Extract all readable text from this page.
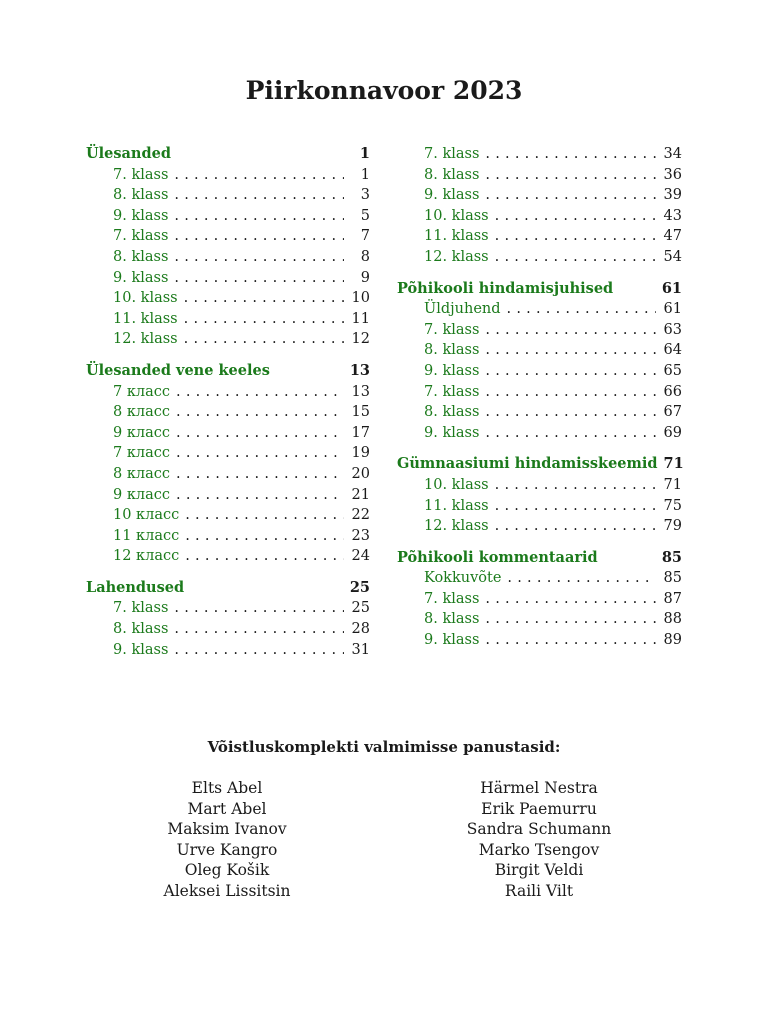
Piirkonnavoor 2023
Ülesanded	1
7. klass . . .	1
8. klass . . .	3
9. klass . . .	5
7. klass . . .	7
8. klass . . .	8
9. klass . . .	9
10. klass . . .	10
11. klass . . .	11
12. klass . . .	12
Ülesanded vene keeles	13
7 класс . . .	13
8 класс . . .	15
9 класс . . .	17
7 класс . . .	19
8 класс . . .	20
9 класс . . .	21
10 класс . . .	22
11 класс . . .	23
12 класс . . .	24
Lahendused	25
7. klass . . .	25
8. klass . . .	28
9. klass . . .	31
7. klass . . .	34
8. klass . . .	36
9. klass . . .	39
10. klass . . .	43
11. klass . . .	47
12. klass . . .	54
Põhikooli hindamisjuhised	61
Üldjuhend . . .	61
7. klass . . .	63
8. klass . . .	64
9. klass . . .	65
7. klass . . .	66
8. klass . . .	67
9. klass . . .	69
Gümnaasiumi hindamisskeemid 71
10. klass . . .	71
11. klass . . .	75
12. klass . . .	79
Põhikooli kommentaarid	85
Kokkuvõte . . .	85
7. klass . . .	87
8. klass . . .	88
9. klass . . .	89
Võistluskomplekti valmimisse panustasid:
Elts Abel
Mart Abel
Maksim Ivanov
Urve Kangro
Oleg Košik
Aleksei Lissitsin
Härmel Nestra
Erik Paemurru
Sandra Schumann
Marko Tsengov
Birgit Veldi
Raili Vilt
